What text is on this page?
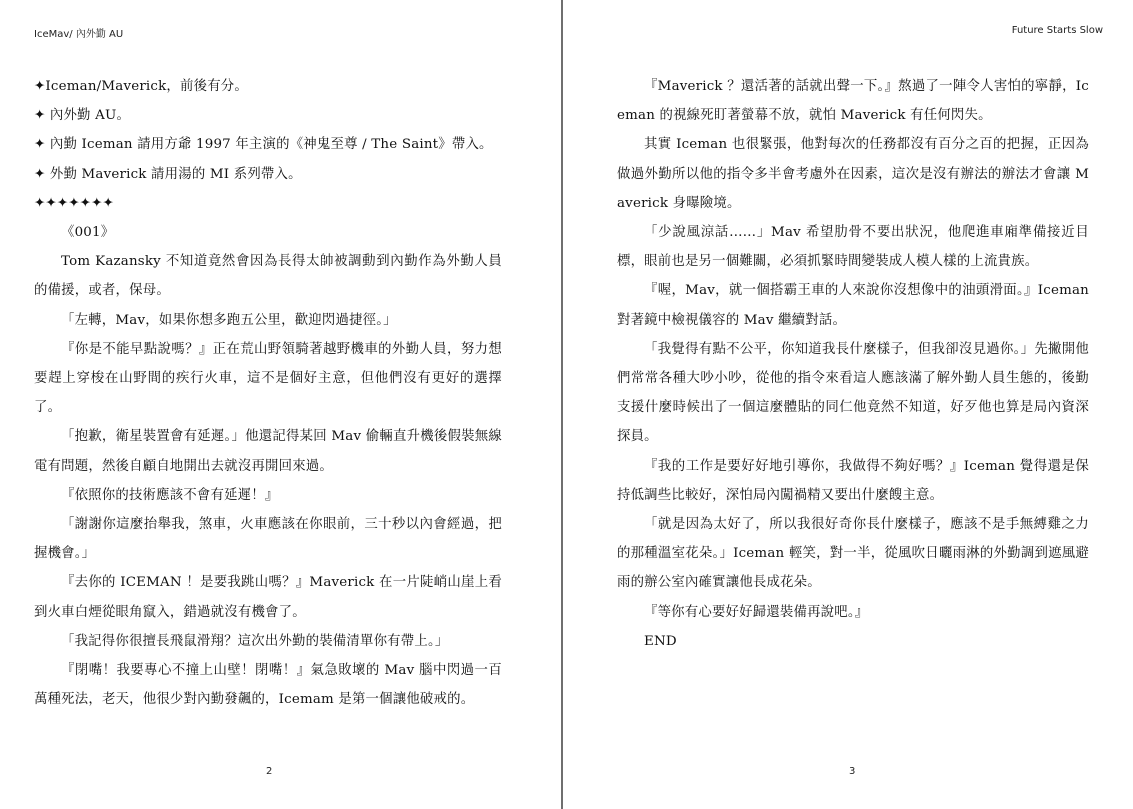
IceMav/ 內外勤 AU

✦Iceman/Maverick，前後有分。

✦ 內外勤 AU。

✦ 內勤 Iceman 請用方爺 1997 年主演的《神鬼至尊 / The Saint》帶入。

✦ 外勤 Maverick 請用湯的 MI 系列帶入。

✦✦✦✦✦✦✦

《001》

Tom Kazansky 不知道竟然會因為長得太帥被調動到內勤作為外勤人員的備援，或者，保母。

「左轉，Mav，如果你想多跑五公里，歡迎閃過捷徑。」

『你是不能早點說嗎？』正在荒山野領騎著越野機車的外勤人員，努力想要趕上穿梭在山野間的疾行火車，這不是個好主意，但他們沒有更好的選擇了。

「抱歉，衛星裝置會有延遲。」他還記得某回 Mav 偷輛直升機後假裝無線電有問題，然後自顧自地開出去就沒再開回來過。

『依照你的技術應該不會有延遲！』

「謝謝你這麼抬舉我，煞車，火車應該在你眼前，三十秒以內會經過，把握機會。」

『去你的 ICEMAN ！是要我跳山嗎？』Maverick 在一片陡峭山崖上看到火車白煙從眼角竄入，錯過就沒有機會了。

「我記得你很擅長飛鼠滑翔？這次出外勤的裝備清單你有帶上。」

『閉嘴！我要專心不撞上山壁！閉嘴！』氣急敗壞的 Mav 腦中閃過一百萬種死法，老天，他很少對內勤發飆的，Icemam 是第一個讓他破戒的。

2
Future Starts Slow

『Maverick ？還活著的話就出聲一下。』熬過了一陣令人害怕的寧靜，Iceman 的視線死盯著螢幕不放，就怕 Maverick 有任何閃失。

其實 Iceman 也很緊張，他對每次的任務都沒有百分之百的把握，正因為做過外勤所以他的指令多半會考慮外在因素，這次是沒有辦法的辦法才會讓 Maverick 身曝險境。

「少說風涼話……」Mav 希望肋骨不要出狀況，他爬進車廂準備接近目標，眼前也是另一個難關，必須抓緊時間變裝成人模人樣的上流貴族。

『喔，Mav，就一個搭霸王車的人來說你沒想像中的油頭滑面。』Iceman 對著鏡中檢視儀容的 Mav 繼續對話。

「我覺得有點不公平，你知道我長什麼樣子，但我卻沒見過你。」先撇開他們常常各種大吵小吵，從他的指令來看這人應該滿了解外勤人員生態的，後勤支援什麼時候出了一個這麼體貼的同仁他竟然不知道，好歹他也算是局內資深探員。

『我的工作是要好好地引導你，我做得不夠好嗎？』Iceman 覺得還是保持低調些比較好，深怕局內闖禍精又要出什麼餿主意。

「就是因為太好了，所以我很好奇你長什麼樣子，應該不是手無縛雞之力的那種溫室花朵。」Iceman 輕笑，對一半，從風吹日曬雨淋的外勤調到遮風避雨的辦公室內確實讓他長成花朵。

『等你有心要好好歸還裝備再說吧。』

END

3
